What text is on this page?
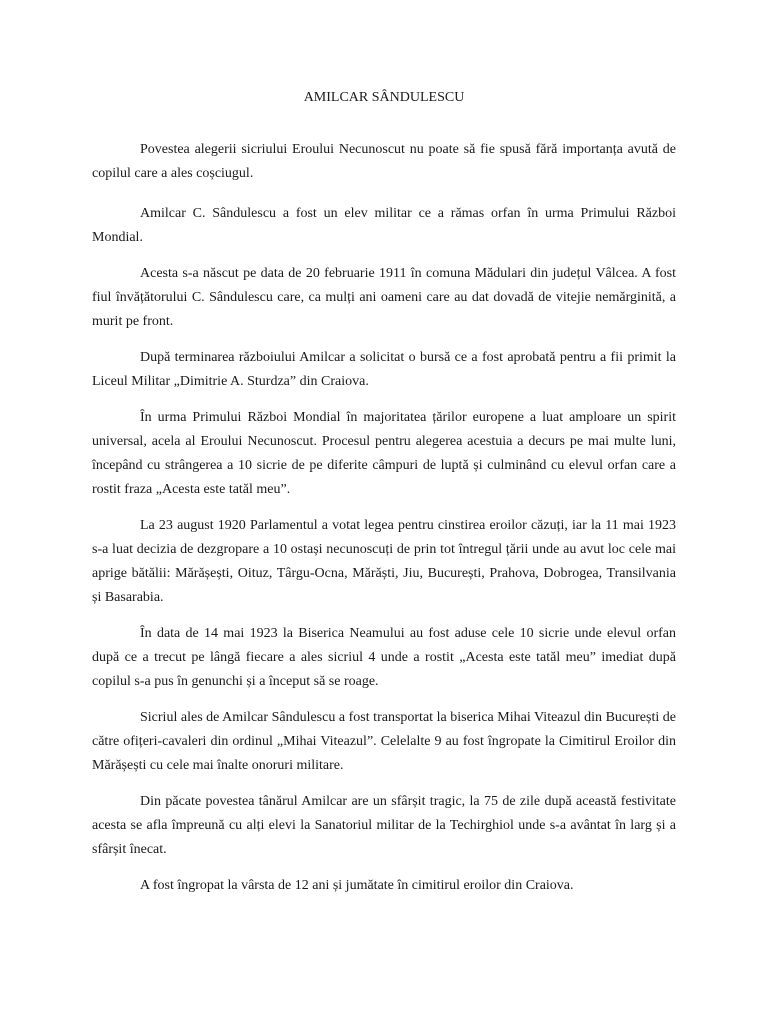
AMILCAR SÂNDULESCU

Povestea alegerii sicriului Eroului Necunoscut nu poate să fie spusă fără importanța avută de copilul care a ales coșciugul.

Amilcar C. Sândulescu a fost un elev militar ce a rămas orfan în urma Primului Război Mondial.

Acesta s-a născut pe data de 20 februarie 1911 în comuna Mădulari din județul Vâlcea. A fost fiul învățătorului C. Sândulescu care, ca mulți ani oameni care au dat dovadă de vitejie nemărginită, a murit pe front.

După terminarea războiului Amilcar a solicitat o bursă ce a fost aprobată pentru a fii primit la Liceul Militar „Dimitrie A. Sturdza” din Craiova.

În urma Primului Război Mondial în majoritatea țărilor europene a luat amploare un spirit universal, acela al Eroului Necunoscut. Procesul pentru alegerea acestuia a decurs pe mai multe luni, începând cu strângerea a 10 sicrie de pe diferite câmpuri de luptă și culminând cu elevul orfan care a rostit fraza „Acesta este tatăl meu”.

La 23 august 1920 Parlamentul a votat legea pentru cinstirea eroilor căzuți, iar la 11 mai 1923 s-a luat decizia de dezgropare a 10 ostași necunoscuți de prin tot întregul țării unde au avut loc cele mai aprige bătălii: Mărășești, Oituz, Târgu-Ocna, Mărăști, Jiu, București, Prahova, Dobrogea, Transilvania și Basarabia.

În data de 14 mai 1923 la Biserica Neamului au fost aduse cele 10 sicrie unde elevul orfan după ce a trecut pe lângă fiecare a ales sicriul 4 unde a rostit „Acesta este tatăl meu” imediat după copilul s-a pus în genunchi și a început să se roage.

Sicriul ales de Amilcar Sândulescu a fost transportat la biserica Mihai Viteazul din București de către ofițeri-cavaleri din ordinul „Mihai Viteazul”. Celelalte 9 au fost îngropate la Cimitirul Eroilor din Mărășești cu cele mai înalte onoruri militare.

Din păcate povestea tânărul Amilcar are un sfârșit tragic, la 75 de zile după această festivitate acesta se afla împreună cu alți elevi la Sanatoriul militar de la Techirghiol unde s-a avântat în larg și a sfârșit înecat.

A fost îngropat la vârsta de 12 ani și jumătate în cimitirul eroilor din Craiova.
